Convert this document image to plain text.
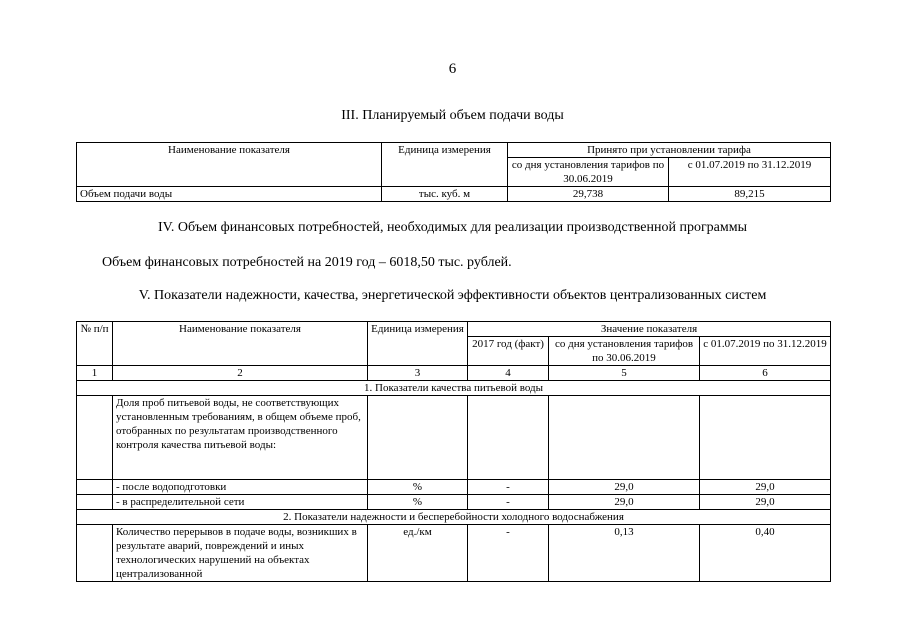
6
III. Планируемый объем подачи воды
Наименование показателя	Единица измерения	Принято при установлении тарифа	
		со дня установления тарифов по 30.06.2019	с 01.07.2019 по 31.12.2019
Объем подачи воды	тыс. куб. м	29,738	89,215
IV. Объем финансовых потребностей, необходимых для реализации производственной программы
Объем финансовых потребностей на 2019 год – 6018,50 тыс. рублей.
V. Показатели надежности, качества, энергетической эффективности объектов централизованных систем
№ п/п	Наименование показателя	Единица измерения	Значение показателя		
			2017 год (факт)	со дня установления тарифов по 30.06.2019	с 01.07.2019 по 31.12.2019
1	2	3	4	5	6
1. Показатели качества питьевой воды					
	Доля проб питьевой воды, не соответствующих установленным требованиям, в общем объеме проб, отобранных по результатам производственного контроля качества питьевой воды:				
	- после водоподготовки	%	-	29,0	29,0
	- в распределительной сети	%	-	29,0	29,0
2. Показатели надежности и бесперебойности холодного водоснабжения					
	Количество перерывов в подаче воды, возникших в результате аварий, повреждений и иных технологических нарушений на объектах централизованной	ед./км	-	0,13	0,40
